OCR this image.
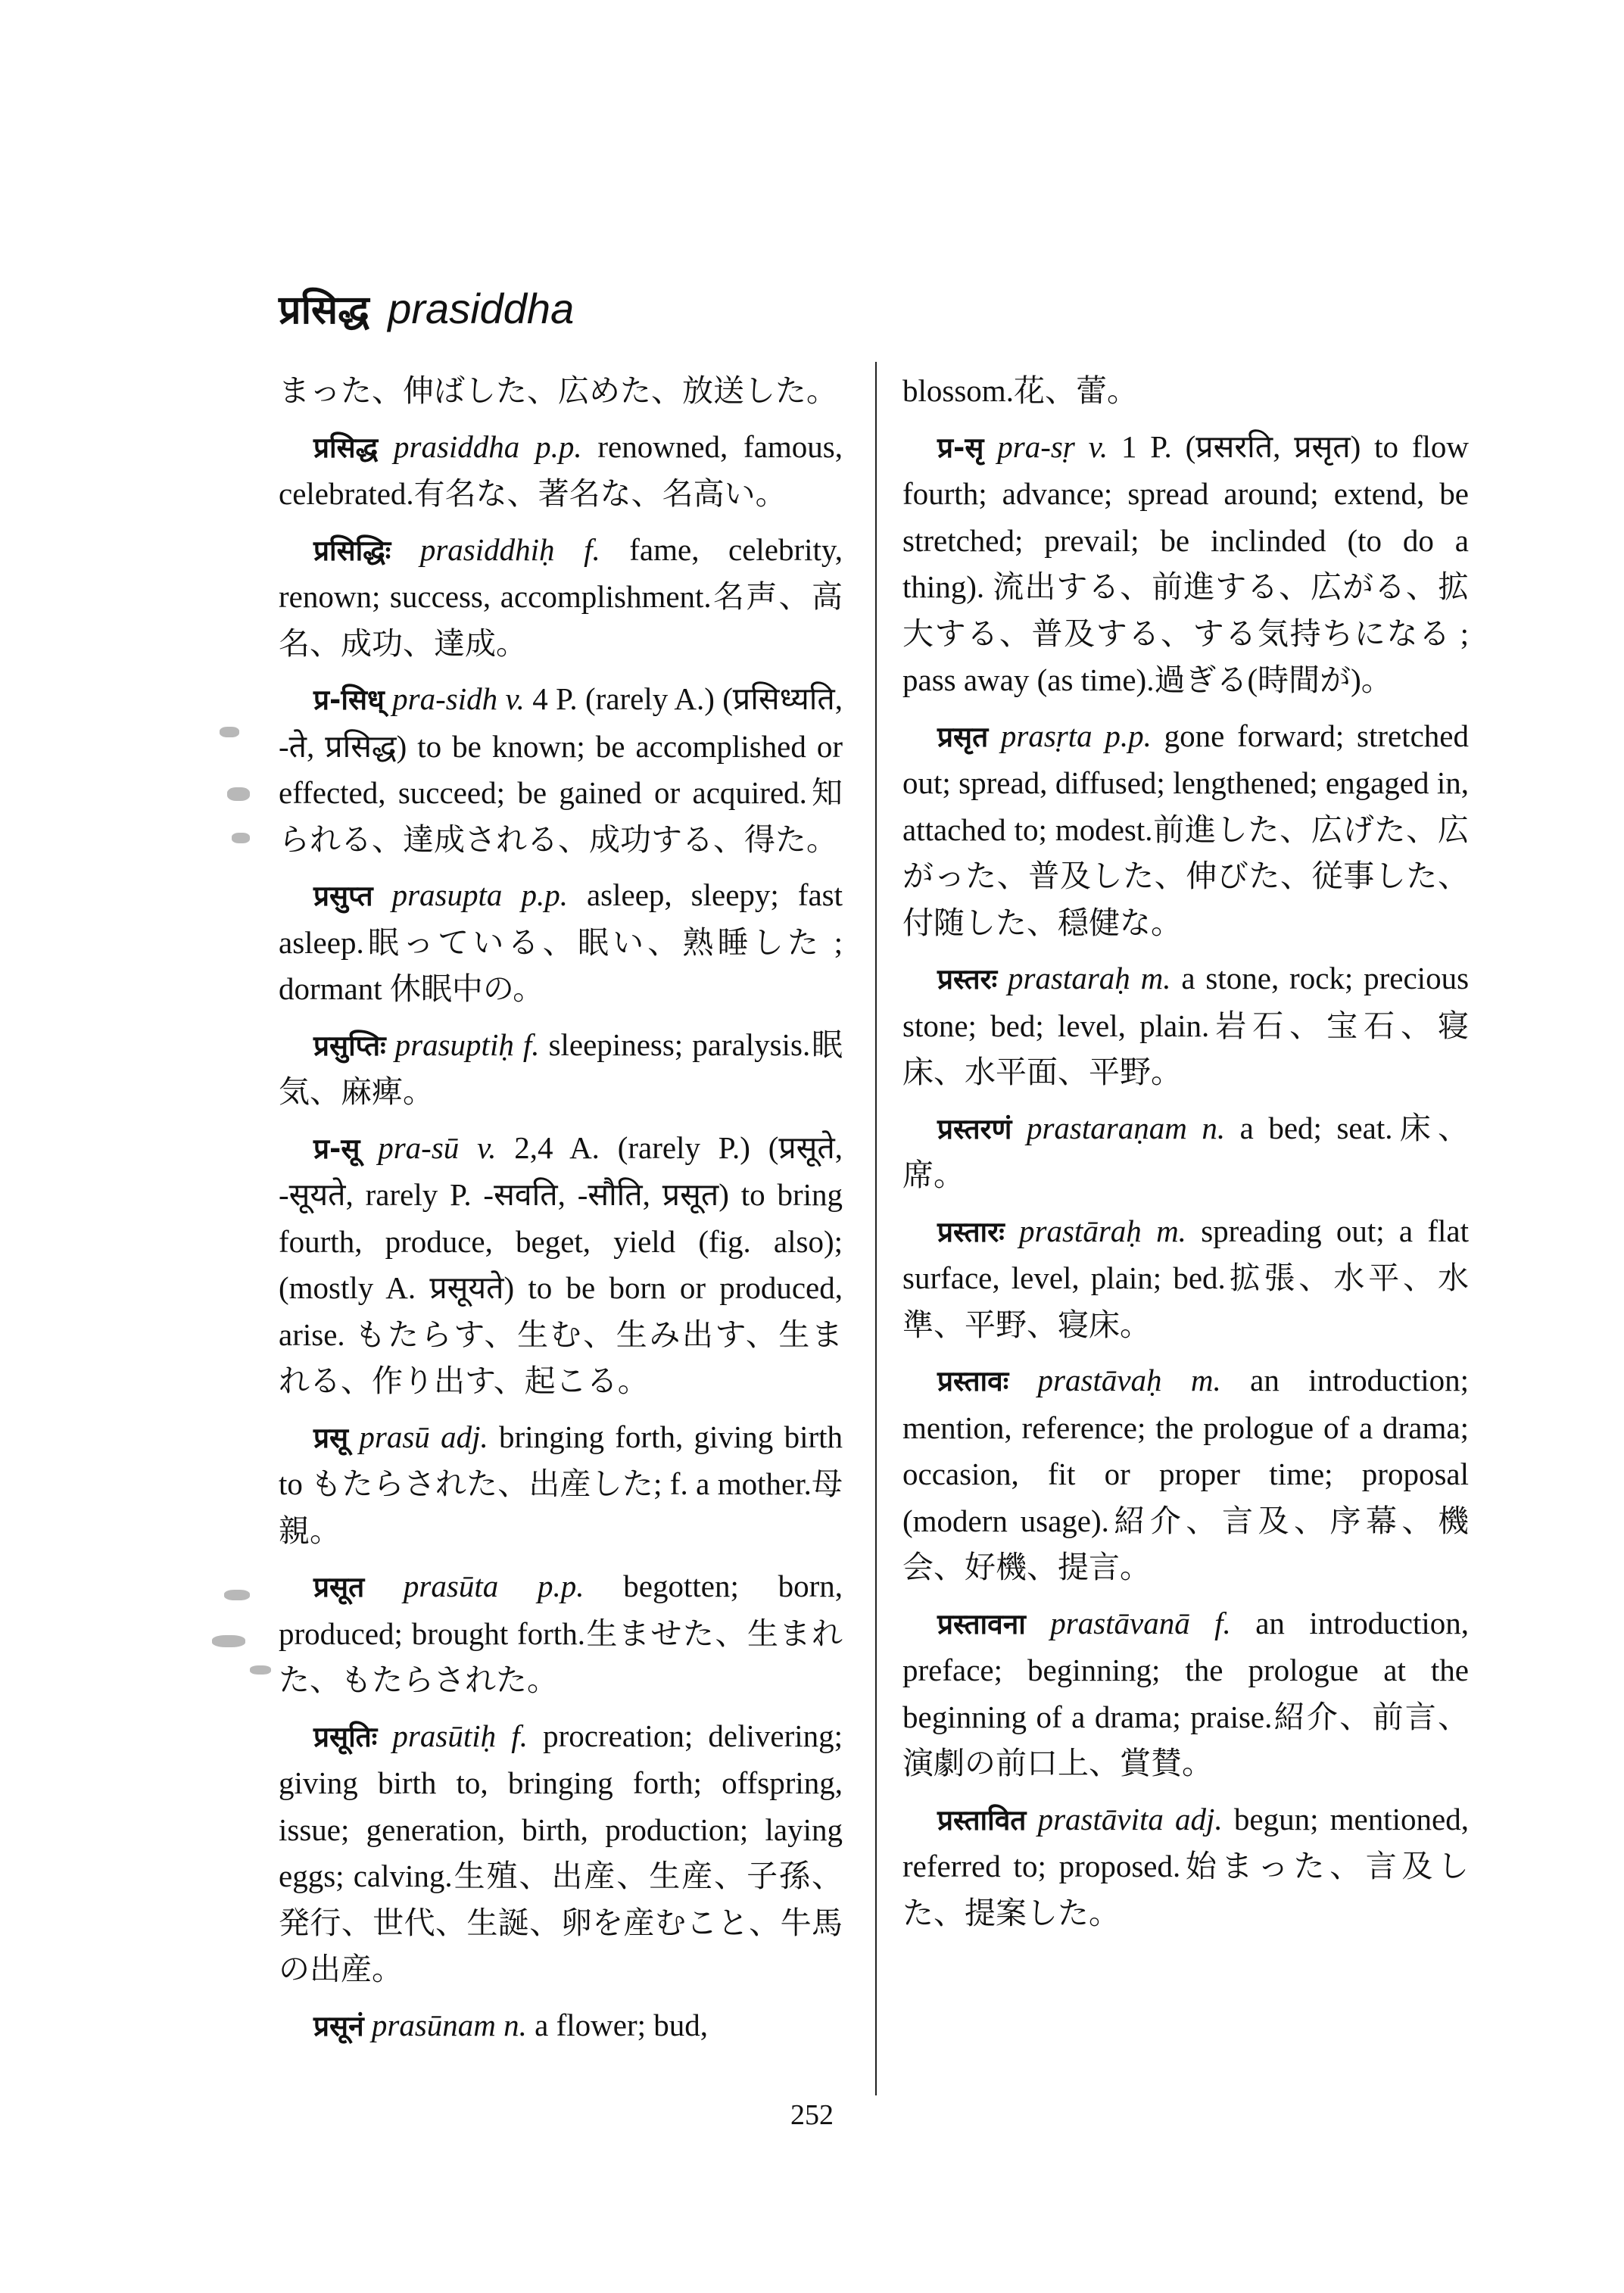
प्रसिद्ध prasiddha

まった、伸ばした、広めた、放送した。

प्रसिद्ध prasiddha p.p. renowned, famous, celebrated.有名な、著名な、名高い。

प्रसिद्धिः prasiddhiḥ f. fame, celebrity, renown; success, accomplishment.名声、高名、成功、達成。

प्र-सिध् pra-sidh v. 4 P. (rarely A.) (प्रसिध्यति, -ते, प्रसिद्ध) to be known; be accomplished or effected, succeed; be gained or acquired.知られる、達成される、成功する、得た。

प्रसुप्त prasupta p.p. asleep, sleepy; fast asleep.眠っている、眠い、熟睡した ; dormant 休眠中の。

प्रसुप्तिः prasuptiḥ f. sleepiness; paralysis.眠気、麻痺。

प्र-सू pra-sū v. 2,4 A. (rarely P.) (प्रसूते, -सूयते, rarely P. -सवति, -सौति, प्रसूत) to bring fourth, produce, beget, yield (fig. also); (mostly A. प्रसूयते) to be born or produced, arise. もたらす、生む、生み出す、生まれる、作り出す、起こる。

प्रसू prasū adj. bringing forth, giving birth to もたらされた、出産した; f. a mother.母親。

प्रसूत prasūta p.p. begotten; born, produced; brought forth.生ませた、生まれた、もたらされた。

प्रसूतिः prasūtiḥ f. procreation; delivering; giving birth to, bringing forth; offspring, issue; generation, birth, production; laying eggs; calving.生殖、出産、生産、子孫、発行、世代、生誕、卵を産むこと、牛馬の出産。

प्रसूनं prasūnam n. a flower; bud,

blossom.花、蕾。

प्र-सृ pra-sṛ v. 1 P. (प्रसरति, प्रसृत) to flow fourth; advance; spread around; extend, be stretched; prevail; be inclinded (to do a thing). 流出する、前進する、広がる、拡大する、普及する、する気持ちになる ; pass away (as time).過ぎる(時間が)。

प्रसृत prasṛta p.p. gone forward; stretched out; spread, diffused; lengthened; engaged in, attached to; modest.前進した、広げた、広がった、普及した、伸びた、従事した、付随した、穏健な。

प्रस्तरः prastaraḥ m. a stone, rock; precious stone; bed; level, plain.岩石、宝石、寝床、水平面、平野。

प्रस्तरणं prastaraṇam n. a bed; seat.床、席。

प्रस्तारः prastāraḥ m. spreading out; a flat surface, level, plain; bed.拡張、水平、水準、平野、寝床。

प्रस्तावः prastāvaḥ m. an introduction; mention, reference; the prologue of a drama; occasion, fit or proper time; proposal (modern usage).紹介、言及、序幕、機会、好機、提言。

प्रस्तावना prastāvanā f. an introduction, preface; beginning; the prologue at the beginning of a drama; praise.紹介、前言、演劇の前口上、賞賛。

प्रस्तावित prastāvita adj. begun; mentioned, referred to; proposed.始まった、言及した、提案した。

252
